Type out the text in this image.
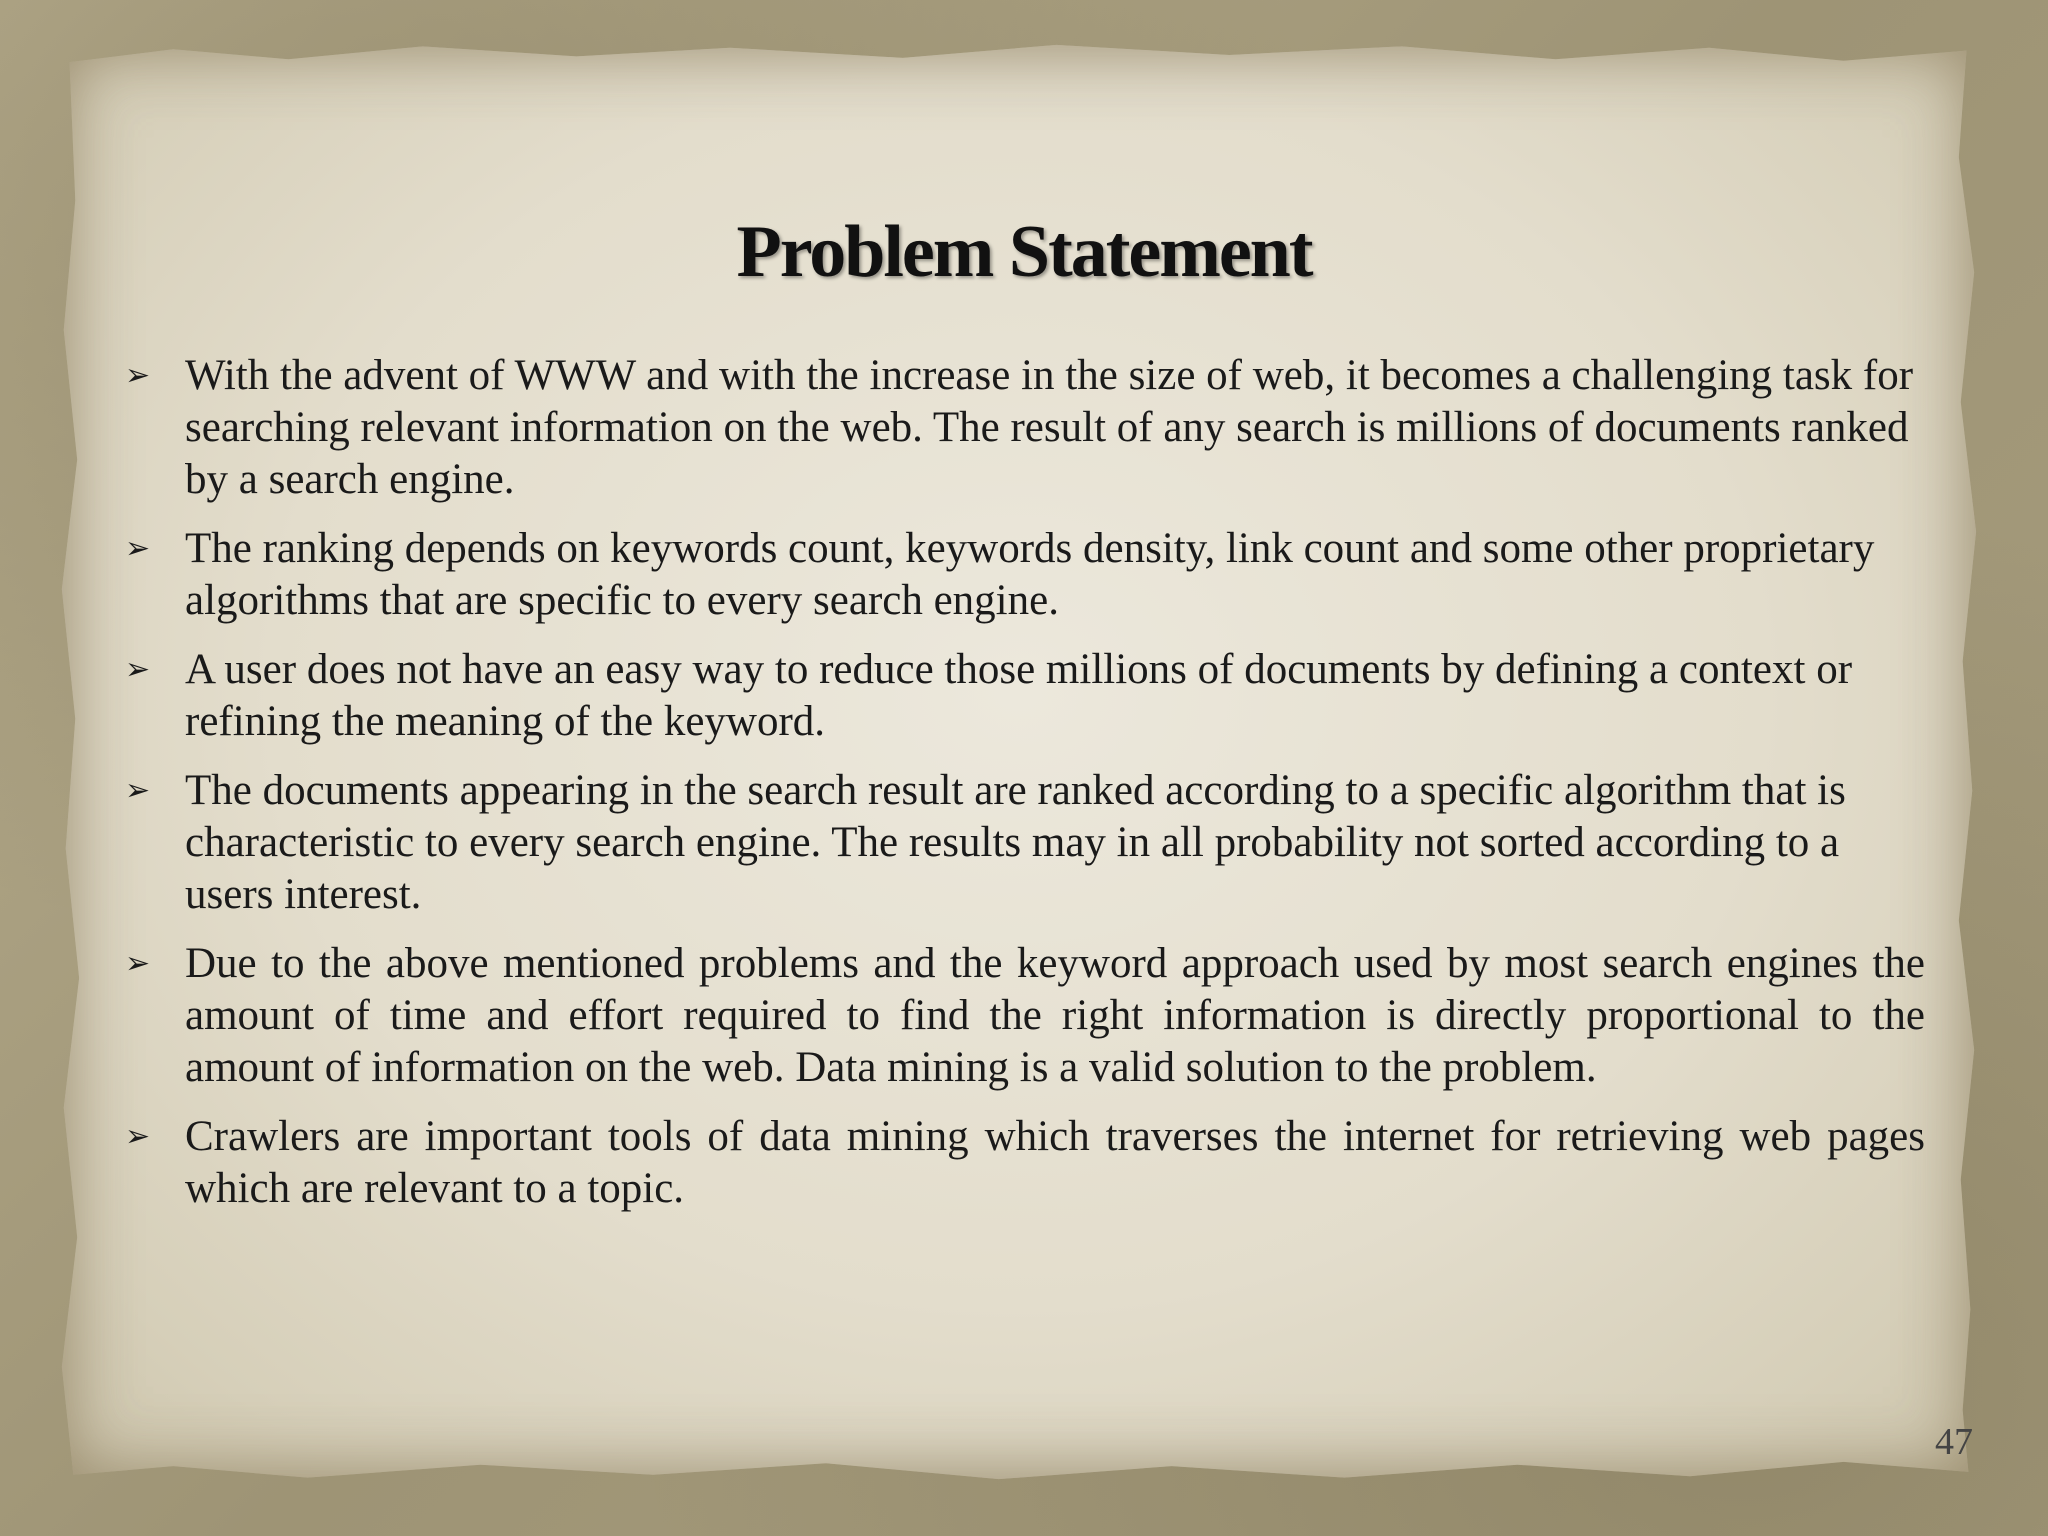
Problem Statement
➢ With the advent of WWW and with the increase in the size of web, it becomes a challenging task for searching relevant information on the web. The result of any search is millions of documents ranked by a search engine.
➢ The ranking depends on keywords count, keywords density, link count and some other proprietary algorithms that are specific to every search engine.
➢ A user does not have an easy way to reduce those millions of documents by defining a context or refining the meaning of the keyword.
➢ The documents appearing in the search result are ranked according to a specific algorithm that is characteristic to every search engine. The results may in all probability not sorted according to a users interest.
➢ Due to the above mentioned problems and the keyword approach used by most search engines the amount of time and effort required to find the right information is directly proportional to the amount of information on the web. Data mining is a valid solution to the problem.
➢ Crawlers are important tools of data mining which traverses the internet for retrieving web pages which are relevant to a topic.
47
